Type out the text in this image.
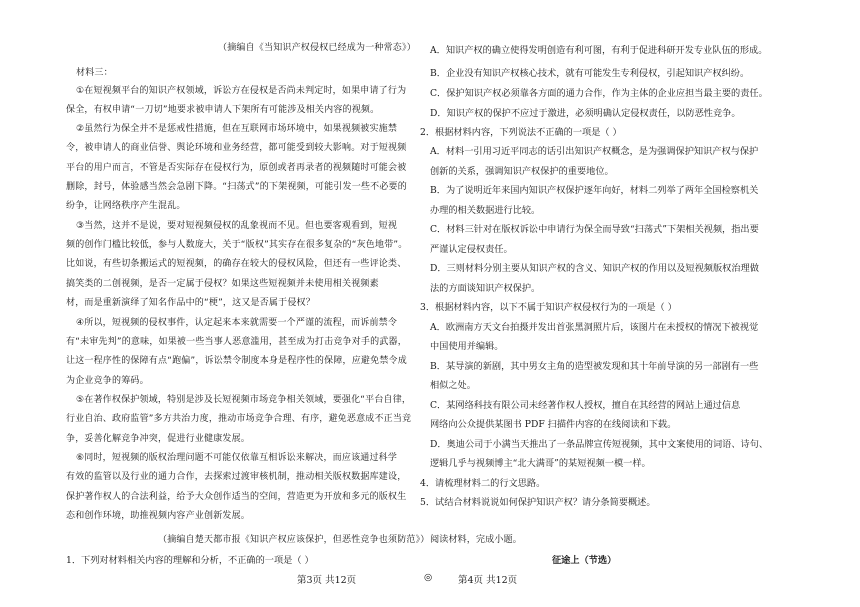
（摘编自《当知识产权侵权已经成为一种常态》）
材料三：
①在短视频平台的知识产权领域，诉讼方在侵权是否尚未判定时，如果申请了行为
保全，有权申请“一刀切”地要求被申请人下架所有可能涉及相关内容的视频。
②虽然行为保全并不是惩戒性措施，但在互联网市场环境中，如果视频被实施禁
令，被申请人的商业信誉、舆论环境和业务经营，都可能受到较大影响。对于短视频
平台的用户而言，不管是否实际存在侵权行为，原创或者再录者的视频随时可能会被
删除，封号，体验感当然会急剧下降。“扫荡式”的下架视频，可能引发一些不必要的
纷争，让网络秩序产生混乱。
③当然，这并不是说，要对短视频侵权的乱象视而不见。但也要客观看到，短视
频的创作门槛比较低，参与人数庞大，关于“版权”其实存在很多复杂的“灰色地带”。
比如说，有些切条搬运式的短视频，的确存在较大的侵权风险，但还有一些评论类、
搞笑类的二创视频，是否一定属于侵权？如果这些短视频并未使用相关视频素
材，而是重新演绎了知名作品中的“梗”，这又是否属于侵权？
④所以，短视频的侵权事件，认定起来本来就需要一个严谨的流程，而诉前禁令
有“未审先判”的意味，如果被一些当事人恶意滥用，甚至成为打击竞争对手的武器，
让这一程序性的保障有点“跑偏”，诉讼禁令制度本身是程序性的保障，应避免禁令成
为企业竞争的筹码。
⑤在著作权保护领域，特别是涉及长短视频市场竞争相关领域，要强化“平台自律，
行业自治、政府监管”多方共治力度，推动市场竞争合理、有序，避免恶意成不正当竞
争，妥善化解竞争冲突，促进行业健康发展。
⑥同时，短视频的版权治理问题不可能仅依靠互相诉讼来解决，而应该通过科学
有效的监管以及行业的通力合作，去探索过渡审核机制，推动相关版权数据库建设，
保护著作权人的合法利益，给予大众创作适当的空间，营造更为开放和多元的版权生
态和创作环境，助推视频内容产业创新发展。
（摘编自楚天都市报《知识产权应该保护，但恶性竞争也须防范》）
1．下列对材料相关内容的理解和分析，不正确的一项是（ ）
A．知识产权的确立使得发明创造有利可图，有利于促进科研开发专业队伍的形成。
B．企业没有知识产权核心技术，就有可能发生专利侵权，引起知识产权纠纷。
C．保护知识产权必须靠各方面的通力合作，作为主体的企业应担当最主要的责任。
D．知识产权的保护不应过于激进，必须明确认定侵权责任，以防恶性竞争。
2．根据材料内容，下列说法不正确的一项是（ ）
A．材料一引用习近平同志的话引出知识产权概念，是为强调保护知识产权与保护
创新的关系，强调知识产权保护的重要地位。
B．为了说明近年来国内知识产权保护逐年向好，材料二列举了两年全国检察机关
办理的相关数据进行比较。
C．材料三针对在版权诉讼中申请行为保全而导致“扫荡式”下架相关视频，指出要
严谨认定侵权责任。
D．三则材料分别主要从知识产权的含义、知识产权的作用以及短视频版权治理做
法的方面谈知识产权保护。
3．根据材料内容，以下不属于知识产权侵权行为的一项是（ ）
A．欧洲南方天文台拍摄并发出首张黑洞照片后，该图片在未授权的情况下被视觉
中国使用并编辑。
B．某导演的新剧，其中男女主角的造型被发现和其十年前导演的另一部剧有一些
相似之处。
C．某网络科技有限公司未经著作权人授权，擅自在其经营的网站上通过信息
网络向公众提供某图书 PDF 扫描件内容的在线阅读和下载。
D．奥迪公司于小满当天推出了一条品牌宣传短视频，其中文案使用的词语、诗句、
逻辑几乎与视频博主“北大满哥”的某短视频一模一样。
4．请梳理材料二的行文思路。
5．试结合材料说说如何保护知识产权？请分条简要概述。
阅读材料，完成小题。
征途上（节选）
第3页 共12页	◎	第4页 共12页
